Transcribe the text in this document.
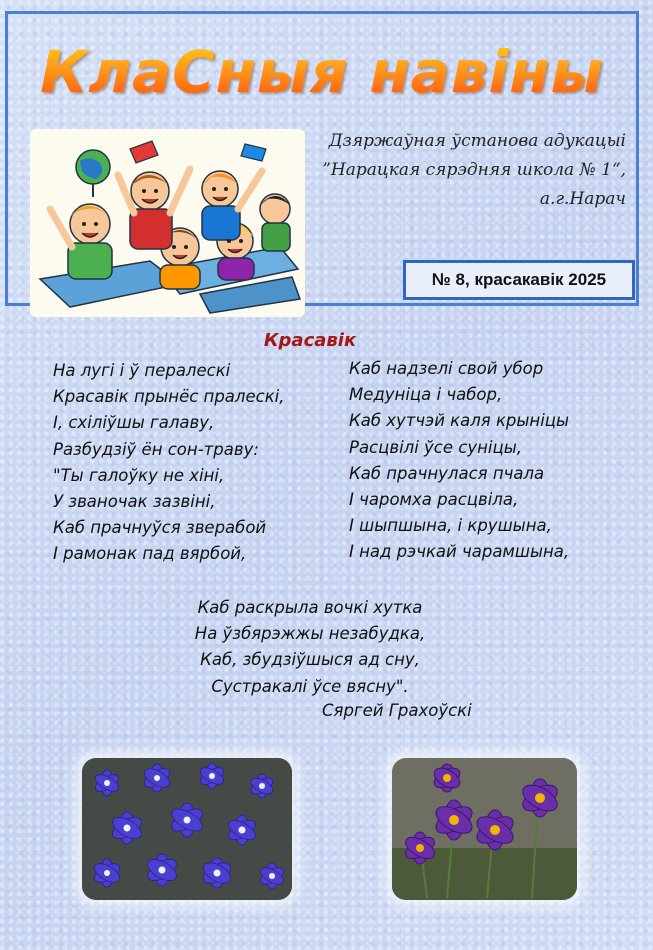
КлаСныя навіны
Дзяржаўная ўстанова адукацыі
”Нарацкая сярэдняя школа № 1“,
а.г.Нарач
№ 8, красакавік 2025
Красавік
На лугі і ў пералескі
Красавік прынёс пралескі,
І, схіліўшы галаву,
Разбудзіў ён сон-траву:
"Ты галоўку не хіні,
У званочак зазвіні,
Каб прачнуўся зверабой
І рамонак пад вярбой,
Каб надзелі свой убор
Медуніца і чабор,
Каб хутчэй каля крыніцы
Расцвілі ўсе суніцы,
Каб прачнулася пчала
І чаромха расцвіла,
І шыпшына, і крушына,
І над рэчкай чарамшына,
Каб раскрыла вочкі хутка
На ўзбярэжжы незабудка,
Каб, збудзіўшыся ад сну,
Сустракалі ўсе вясну".
Сяргей Грахоўскі
